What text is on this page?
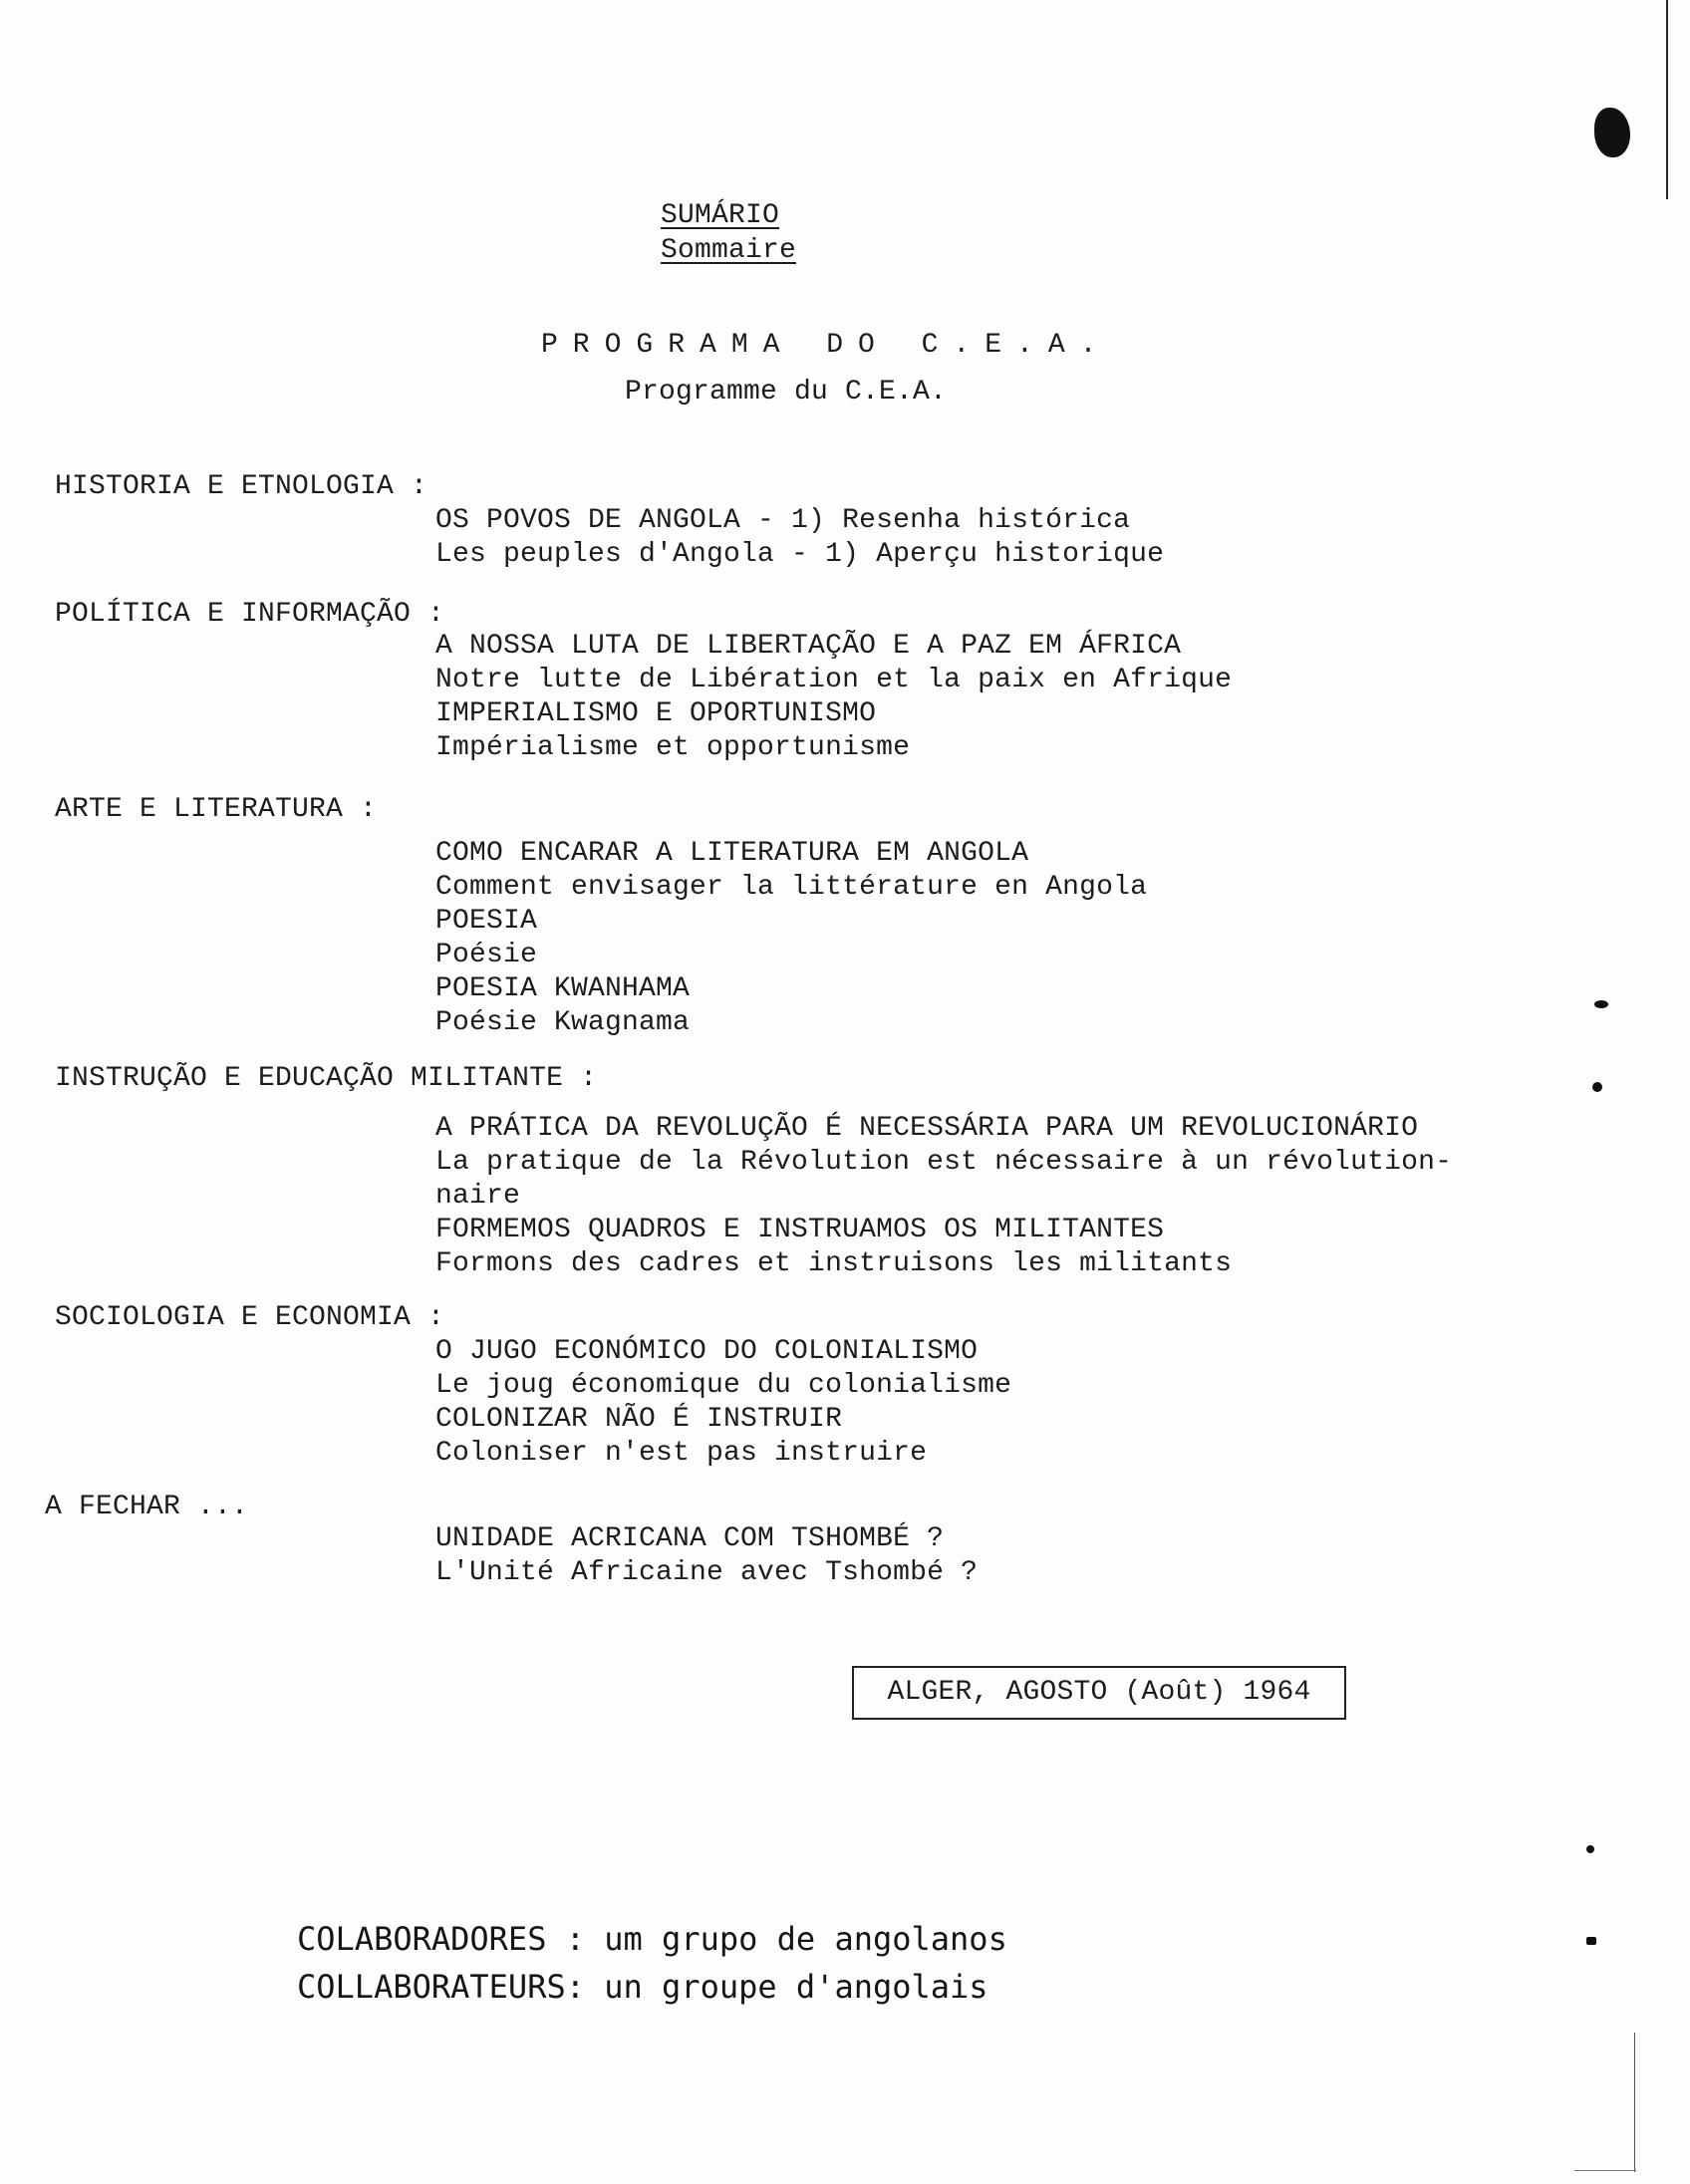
SUMÁRIO
Sommaire
PROGRAMA DO C.E.A.
Programme du C.E.A.
HISTORIA E ETNOLOGIA :
OS POVOS DE ANGOLA - 1) Resenha histórica
Les peuples d'Angola - 1) Aperçu historique
POLÍTICA E INFORMAÇÃO :
A NOSSA LUTA DE LIBERTAÇÃO E A PAZ EM ÁFRICA
Notre lutte de Libération et la paix en Afrique
IMPERIALISMO E OPORTUNISMO
Impérialisme et opportunisme
ARTE E LITERATURA :
COMO ENCARAR A LITERATURA EM ANGOLA
Comment envisager la littérature en Angola
POESIA
Poésie
POESIA KWANHAMA
Poésie Kwagnama
INSTRUÇÃO E EDUCAÇÃO MILITANTE :
A PRÁTICA DA REVOLUÇÃO É NECESSÁRIA PARA UM REVOLUCIONÁRIO
La pratique de la Révolution est nécessaire à un révolution-
naire
FORMEMOS QUADROS E INSTRUAMOS OS MILITANTES
Formons des cadres et instruisons les militants
SOCIOLOGIA E ECONOMIA :
O JUGO ECONÓMICO DO COLONIALISMO
Le joug économique du colonialisme
COLONIZAR NÃO É INSTRUIR
Coloniser n'est pas instruire
A FECHAR ...
UNIDADE ACRICANA COM TSHOMBÉ ?
L'Unité Africaine avec Tshombé ?
ALGER, AGOSTO (Août) 1964
COLABORADORES : um grupo de angolanos
COLLABORATEURS: un groupe d'angolais
